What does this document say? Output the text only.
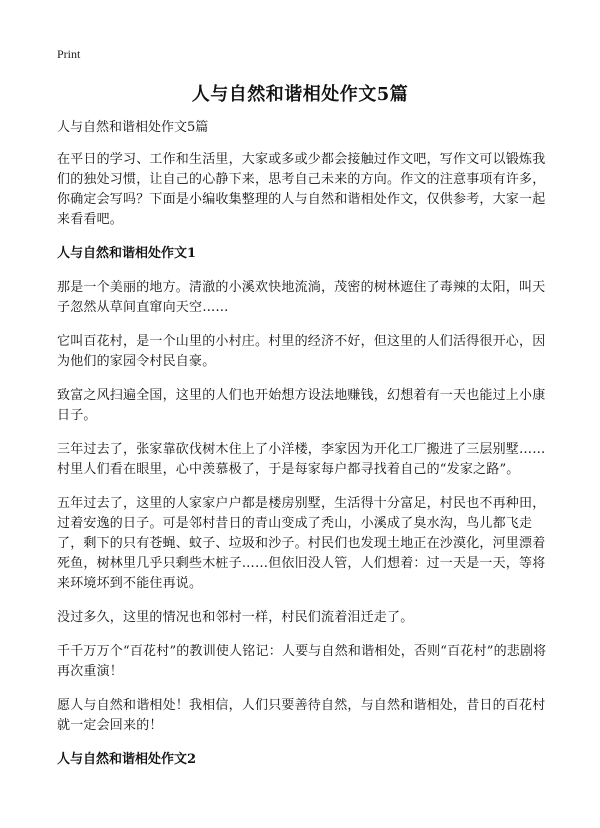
Print
人与自然和谐相处作文5篇

人与自然和谐相处作文5篇

在平日的学习、工作和生活里，大家或多或少都会接触过作文吧，写作文可以锻炼我们的独处习惯，让自己的心静下来，思考自己未来的方向。作文的注意事项有许多，你确定会写吗？下面是小编收集整理的人与自然和谐相处作文，仅供参考，大家一起来看看吧。

人与自然和谐相处作文1

那是一个美丽的地方。清澈的小溪欢快地流淌，茂密的树林遮住了毒辣的太阳，叫天子忽然从草间直窜向天空……

它叫百花村，是一个山里的小村庄。村里的经济不好，但这里的人们活得很开心，因为他们的家园令村民自豪。

致富之风扫遍全国，这里的人们也开始想方设法地赚钱，幻想着有一天也能过上小康日子。

三年过去了，张家靠砍伐树木住上了小洋楼，李家因为开化工厂搬进了三层别墅……村里人们看在眼里，心中羡慕极了，于是每家每户都寻找着自己的“发家之路”。

五年过去了，这里的人家家户户都是楼房别墅，生活得十分富足，村民也不再种田，过着安逸的日子。可是邻村昔日的青山变成了秃山，小溪成了臭水沟，鸟儿都飞走了，剩下的只有苍蝇、蚊子、垃圾和沙子。村民们也发现土地正在沙漠化，河里漂着死鱼，树林里几乎只剩些木桩子……但依旧没人管，人们想着：过一天是一天，等将来环境坏到不能住再说。

没过多久，这里的情况也和邻村一样，村民们流着泪迁走了。

千千万万个“百花村”的教训使人铭记：人要与自然和谐相处，否则“百花村”的悲剧将再次重演！

愿人与自然和谐相处！我相信，人们只要善待自然，与自然和谐相处，昔日的百花村就一定会回来的！

人与自然和谐相处作文2
